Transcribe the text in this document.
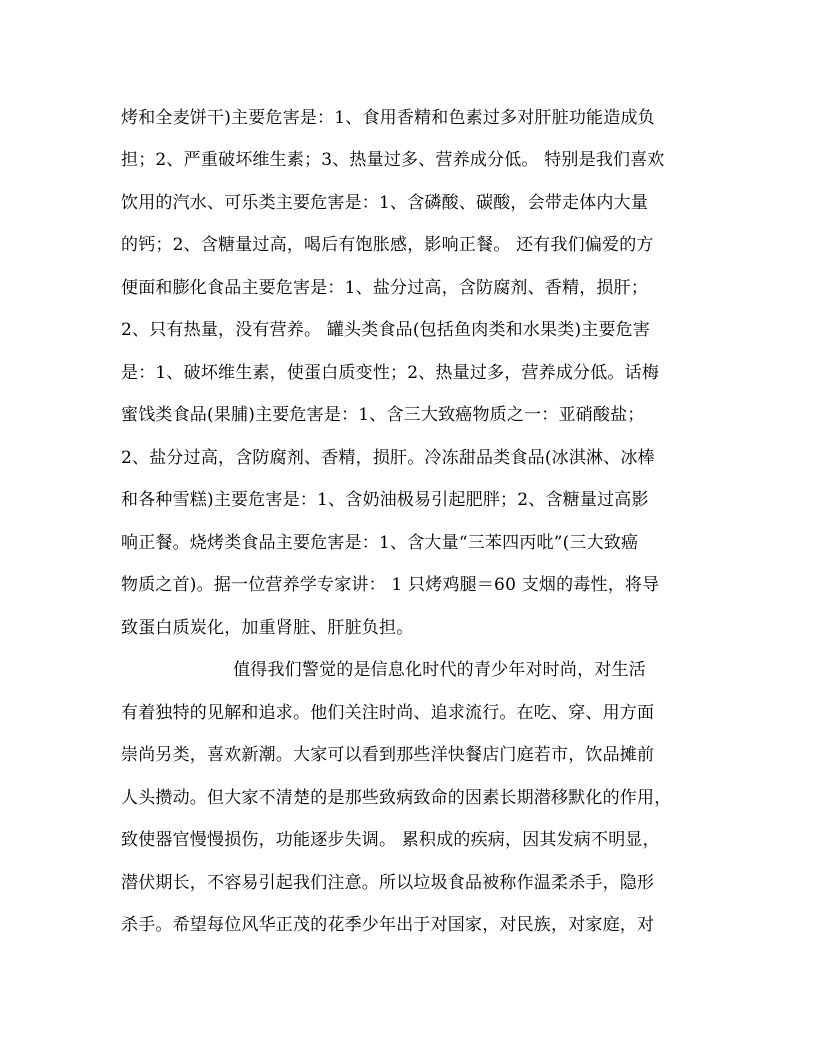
烤和全麦饼干)主要危害是：1、食用香精和色素过多对肝脏功能造成负
担；2、严重破坏维生素；3、热量过多、营养成分低。 特别是我们喜欢
饮用的汽水、可乐类主要危害是：1、含磷酸、碳酸，会带走体内大量
的钙；2、含糖量过高，喝后有饱胀感，影响正餐。 还有我们偏爱的方
便面和膨化食品主要危害是：1、盐分过高，含防腐剂、香精，损肝；
2、只有热量，没有营养。 罐头类食品(包括鱼肉类和水果类)主要危害
是：1、破坏维生素，使蛋白质变性；2、热量过多，营养成分低。话梅
蜜饯类食品(果脯)主要危害是：1、含三大致癌物质之一：亚硝酸盐；
2、盐分过高，含防腐剂、香精，损肝。冷冻甜品类食品(冰淇淋、冰棒
和各种雪糕)主要危害是：1、含奶油极易引起肥胖；2、含糖量过高影
响正餐。烧烤类食品主要危害是：1、含大量“三苯四丙吡”(三大致癌
物质之首)。据一位营养学专家讲： 1 只烤鸡腿＝60 支烟的毒性，将导
致蛋白质炭化，加重肾脏、肝脏负担。
值得我们警觉的是信息化时代的青少年对时尚，对生活
有着独特的见解和追求。他们关注时尚、追求流行。在吃、穿、用方面
崇尚另类，喜欢新潮。大家可以看到那些洋快餐店门庭若市，饮品摊前
人头攒动。但大家不清楚的是那些致病致命的因素长期潜移默化的作用，
致使器官慢慢损伤，功能逐步失调。 累积成的疾病，因其发病不明显，
潜伏期长，不容易引起我们注意。所以垃圾食品被称作温柔杀手，隐形
杀手。希望每位风华正茂的花季少年出于对国家，对民族，对家庭，对
